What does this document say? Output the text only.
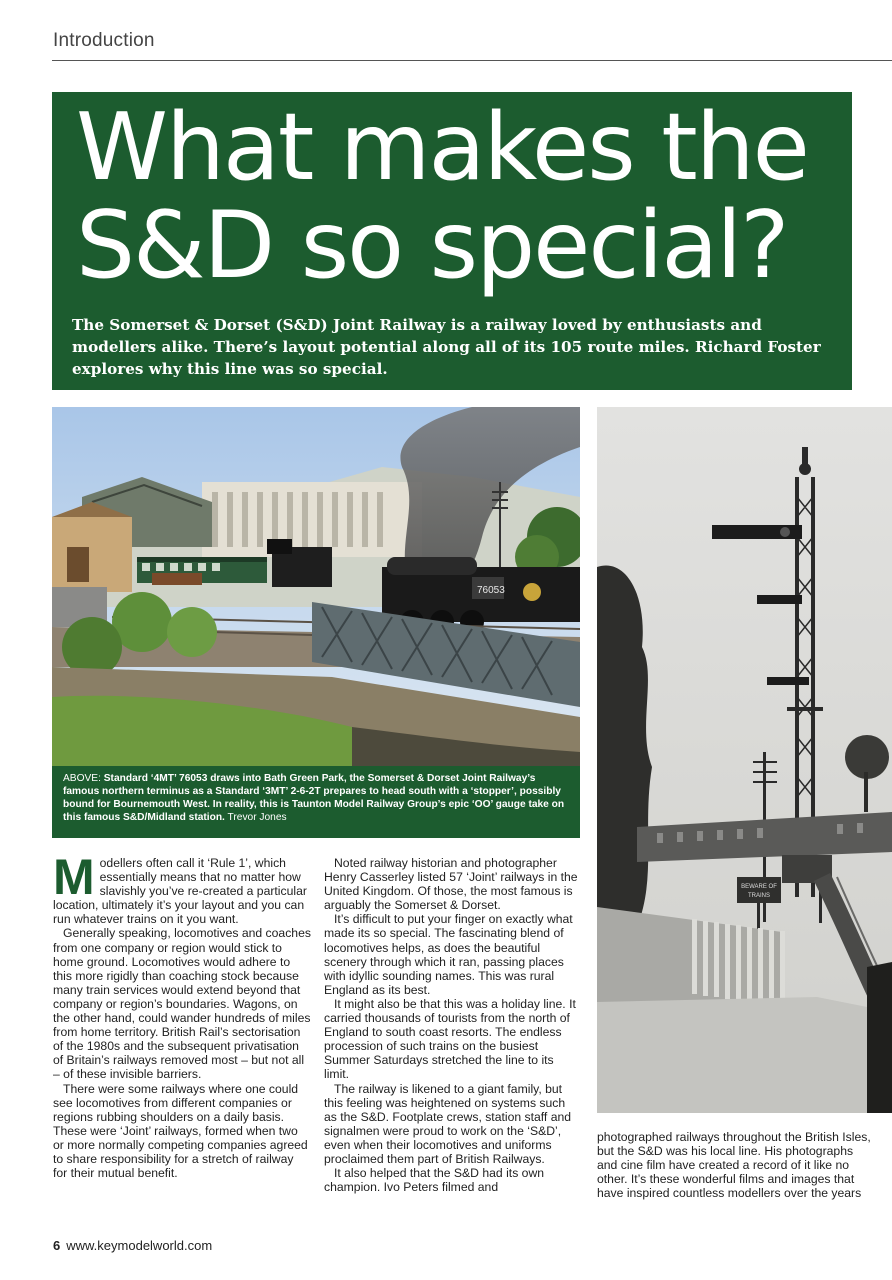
Introduction
What makes the
S&D so special?
The Somerset & Dorset (S&D) Joint Railway is a railway loved by enthusiasts and modellers alike. There’s layout potential along all of its 105 route miles. Richard Foster explores why this line was so special.
76053
ABOVE: Standard ‘4MT’ 76053 draws into Bath Green Park, the Somerset & Dorset Joint Railway’s famous northern terminus as a Standard ‘3MT’ 2-6-2T prepares to head south with a ‘stopper’, possibly bound for Bournemouth West. In reality, this is Taunton Model Railway Group’s epic ‘OO’ gauge take on this famous S&D/Midland station. Trevor Jones
BEWARE OF
TRAINS

Modellers often call it ‘Rule 1’, which essentially means that no matter how slavishly you’ve re-created a particular location, ultimately it’s your layout and you can run whatever trains on it you want.

Generally speaking, locomotives and coaches from one company or region would stick to home ground. Locomotives would adhere to this more rigidly than coaching stock because many train services would extend beyond that company or region’s boundaries. Wagons, on the other hand, could wander hundreds of miles from home territory. British Rail’s sectorisation of the 1980s and the subsequent privatisation of Britain’s railways removed most – but not all – of these invisible barriers.

There were some railways where one could see locomotives from different companies or regions rubbing shoulders on a daily basis. These were ‘Joint’ railways, formed when two or more normally competing companies agreed to share responsibility for a stretch of railway for their mutual benefit.

Noted railway historian and photographer Henry Casserley listed 57 ‘Joint’ railways in the United Kingdom. Of those, the most famous is arguably the Somerset & Dorset.

It’s difficult to put your finger on exactly what made its so special. The fascinating blend of locomotives helps, as does the beautiful scenery through which it ran, passing places with idyllic sounding names. This was rural England as its best.

It might also be that this was a holiday line. It carried thousands of tourists from the north of England to south coast resorts. The endless procession of such trains on the busiest Summer Saturdays stretched the line to its limit.

The railway is likened to a giant family, but this feeling was heightened on systems such as the S&D. Footplate crews, station staff and signalmen were proud to work on the ‘S&D’, even when their locomotives and uniforms proclaimed them part of British Railways.

It also helped that the S&D had its own champion. Ivo Peters filmed and

photographed railways throughout the British Isles, but the S&D was his local line. His photographs and cine film have created a record of it like no other. It’s these wonderful films and images that have inspired countless modellers over the years

6 www.keymodelworld.com
